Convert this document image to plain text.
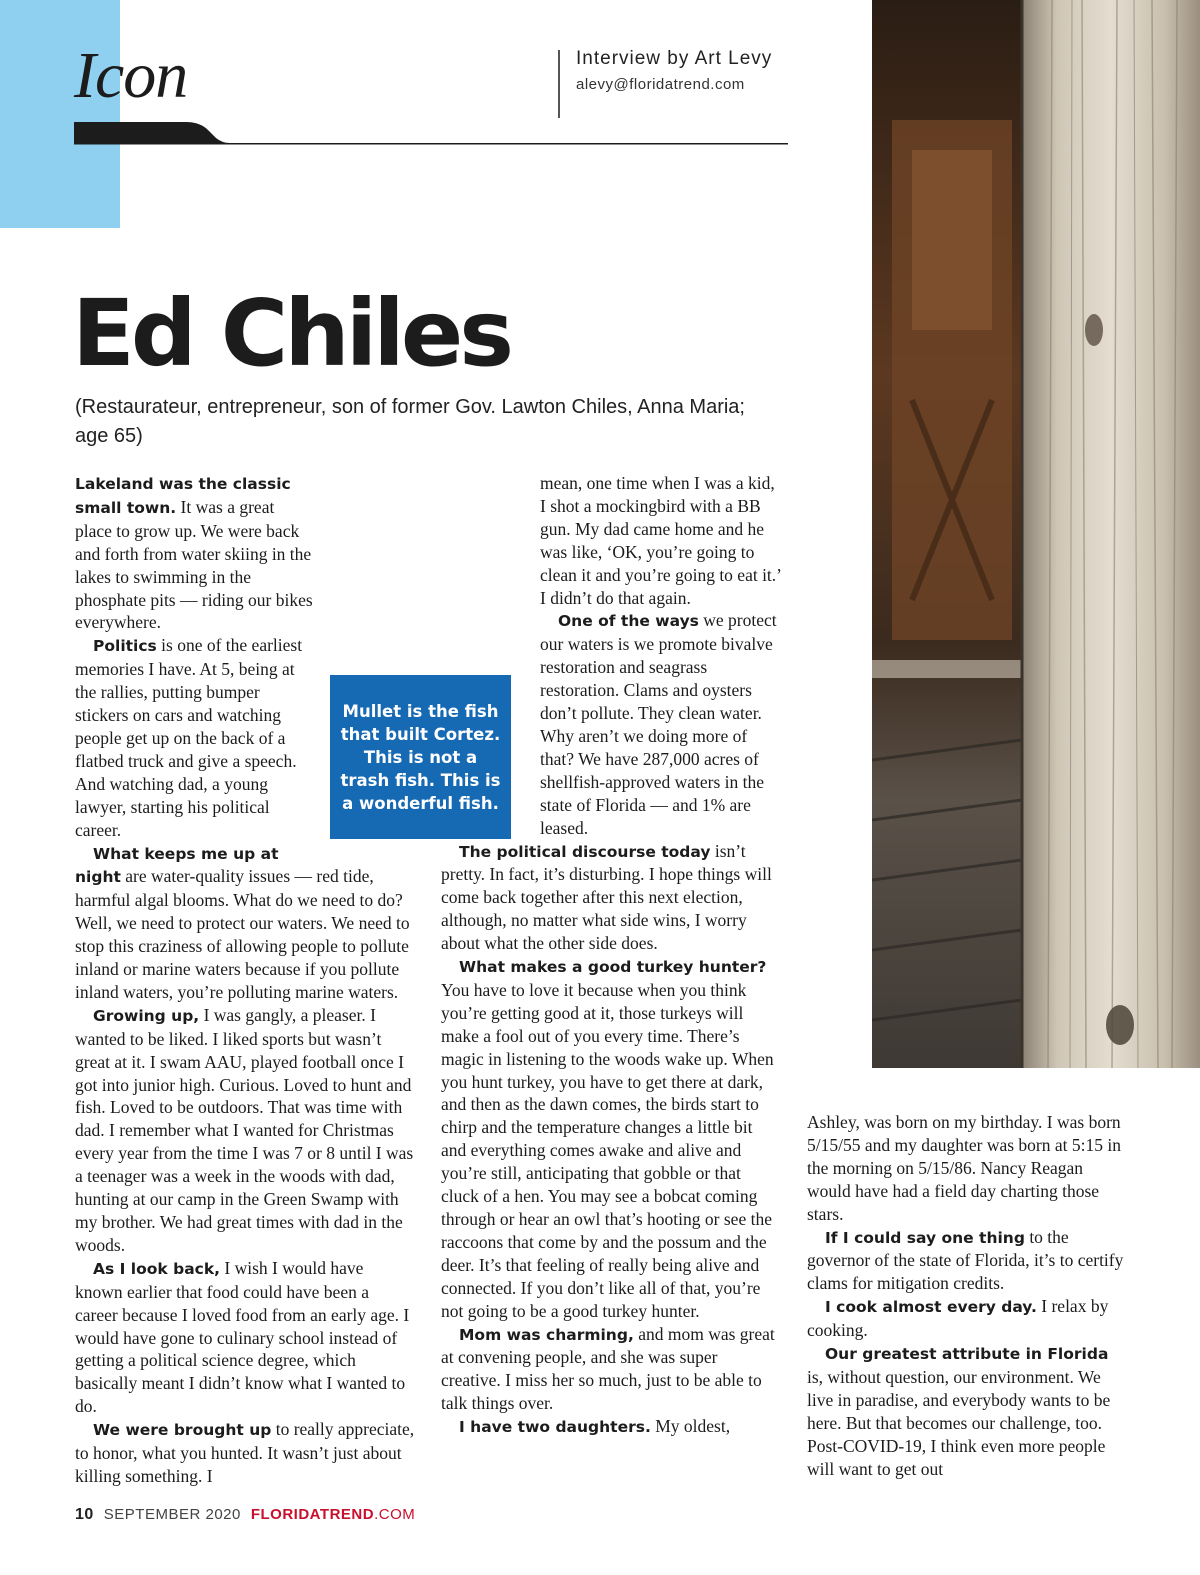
Icon	Interview by Art Levy
alevy@floridatrend.com
Ed Chiles

(Restaurateur, entrepreneur, son of former Gov. Lawton Chiles, Anna Maria; age 65)

Lakeland was the classic small town. It was a great place to grow up. We were back and forth from water skiing in the lakes to swimming in the phosphate pits — riding our bikes everywhere.

Politics is one of the earliest memories I have. At 5, being at the rallies, putting bumper stickers on cars and watching people get up on the back of a flatbed truck and give a speech. And watching dad, a young lawyer, starting his political career.

What keeps me up at night are water-quality issues — red tide, harmful algal blooms. What do we need to do? Well, we need to protect our waters. We need to stop this craziness of allowing people to pollute inland or marine waters because if you pollute inland waters, you’re polluting marine waters.

Growing up, I was gangly, a pleaser. I wanted to be liked. I liked sports but wasn’t great at it. I swam AAU, played football once I got into junior high. Curious. Loved to hunt and fish. Loved to be outdoors. That was time with dad. I remember what I wanted for Christmas every year from the time I was 7 or 8 until I was a teenager was a week in the woods with dad, hunting at our camp in the Green Swamp with my brother. We had great times with dad in the woods.

As I look back, I wish I would have known earlier that food could have been a career because I loved food from an early age. I would have gone to culinary school instead of getting a political science degree, which basically meant I didn’t know what I wanted to do.

We were brought up to really appreciate, to honor, what you hunted. It wasn’t just about killing something. I

mean, one time when I was a kid, I shot a mockingbird with a BB gun. My dad came home and he was like, ‘OK, you’re going to clean it and you’re going to eat it.’ I didn’t do that again.

One of the ways we protect our waters is we promote bivalve restoration and seagrass restoration. Clams and oysters don’t pollute. They clean water. Why aren’t we doing more of that? We have 287,000 acres of shellfish-approved waters in the state of Florida — and 1% are leased.

The political discourse today isn’t pretty. In fact, it’s disturbing. I hope things will come back together after this next election, although, no matter what side wins, I worry about what the other side does.

What makes a good turkey hunter? You have to love it because when you think you’re getting good at it, those turkeys will make a fool out of you every time. There’s magic in listening to the woods wake up. When you hunt turkey, you have to get there at dark, and then as the dawn comes, the birds start to chirp and the temperature changes a little bit and everything comes awake and alive and you’re still, anticipating that gobble or that cluck of a hen. You may see a bobcat coming through or hear an owl that’s hooting or see the raccoons that come by and the possum and the deer. It’s that feeling of really being alive and connected. If you don’t like all of that, you’re not going to be a good turkey hunter.

Mom was charming, and mom was great at convening people, and she was super creative. I miss her so much, just to be able to talk things over.

I have two daughters. My oldest,

Ashley, was born on my birthday. I was born 5/15/55 and my daughter was born at 5:15 in the morning on 5/15/86. Nancy Reagan would have had a field day charting those stars.

If I could say one thing to the governor of the state of Florida, it’s to certify clams for mitigation credits.

I cook almost every day. I relax by cooking.

Our greatest attribute in Florida is, without question, our environment. We live in paradise, and everybody wants to be here. But that becomes our challenge, too. Post-COVID-19, I think even more people will want to get out

Mullet is the fish that built Cortez. This is not a trash fish. This is a wonderful fish.
10 SEPTEMBER 2020 FLORIDATREND.COM
